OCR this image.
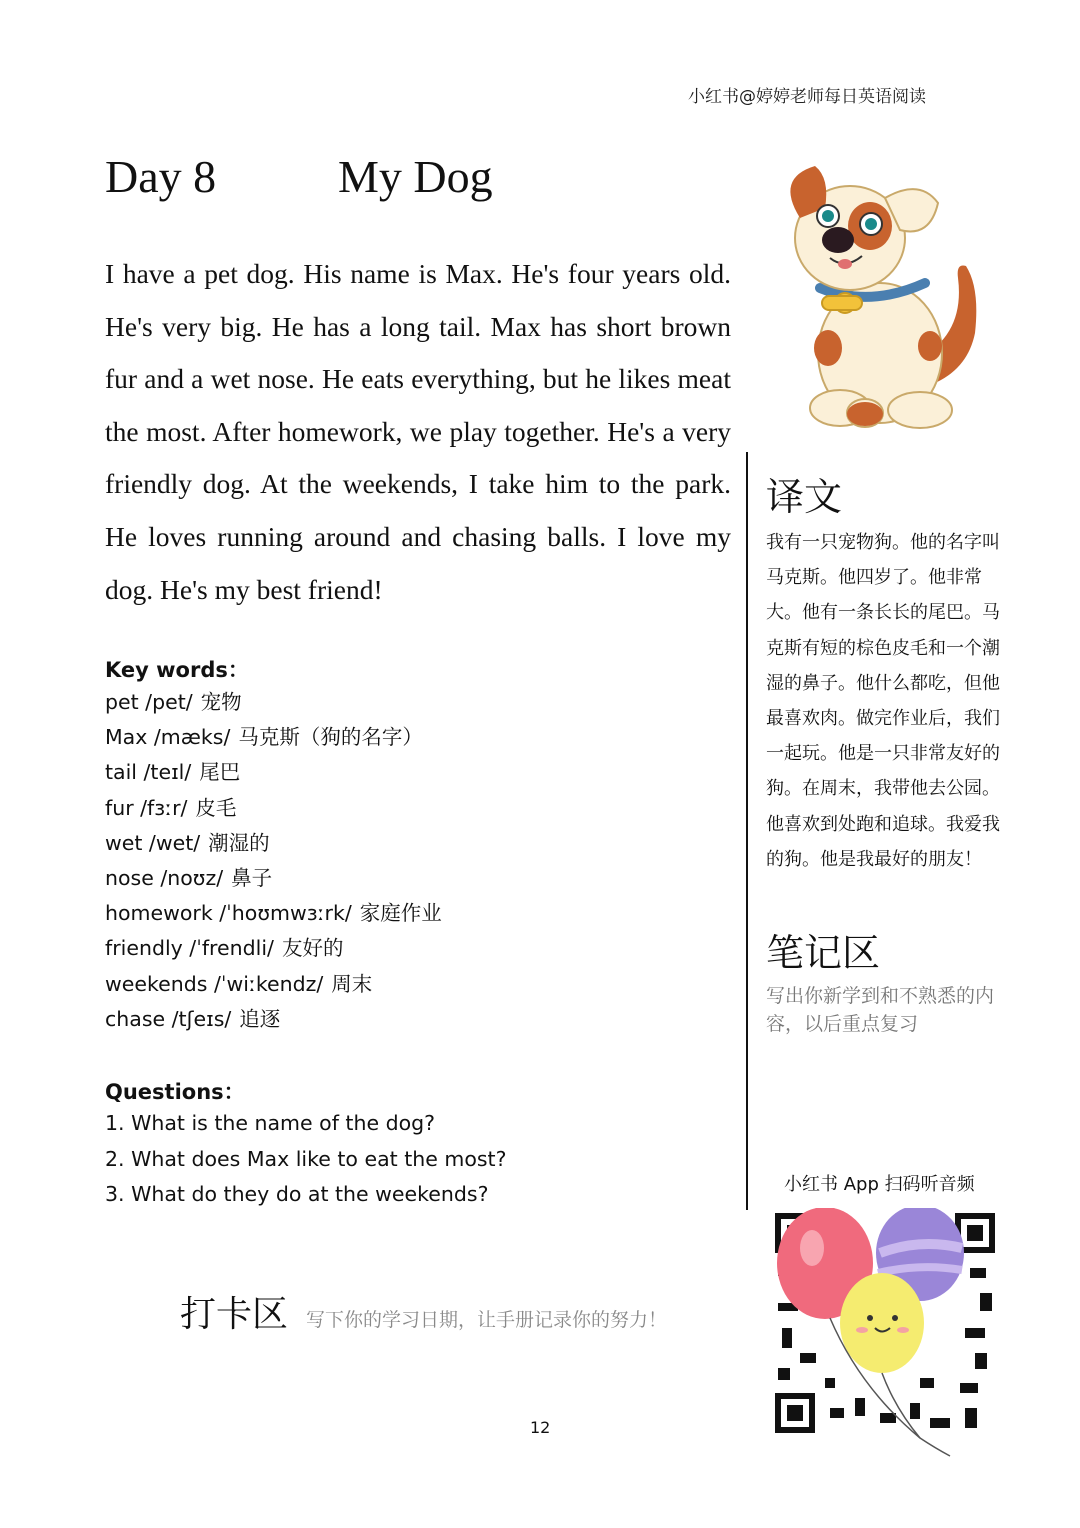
小红书@婷婷老师每日英语阅读
Day 8	My Dog
I have a pet dog. His name is Max. He's four years old. He's very big. He has a long tail. Max has short brown fur and a wet nose. He eats everything, but he likes meat the most. After homework, we play together. He's a very friendly dog. At the weekends, I take him to the park. He loves running around and chasing balls. I love my dog. He's my best friend!
Key words：
pet /pet/ 宠物
Max /mæks/ 马克斯（狗的名字）
tail /teɪl/ 尾巴
fur /fɜːr/ 皮毛
wet /wet/ 潮湿的
nose /noʊz/ 鼻子
homework /ˈhoʊmwɜːrk/ 家庭作业
friendly /ˈfrendli/ 友好的
weekends /ˈwiːkendz/ 周末
chase /tʃeɪs/ 追逐
Questions：
1. What is the name of the dog?
2. What does Max like to eat the most?
3. What do they do at the weekends?
打卡区 写下你的学习日期，让手册记录你的努力！
12
译文
我有一只宠物狗。他的名字叫马克斯。他四岁了。他非常大。他有一条长长的尾巴。马克斯有短的棕色皮毛和一个潮湿的鼻子。他什么都吃，但他最喜欢肉。做完作业后，我们一起玩。他是一只非常友好的狗。在周末，我带他去公园。他喜欢到处跑和追球。我爱我的狗。他是我最好的朋友！
笔记区
写出你新学到和不熟悉的内容，以后重点复习
小红书 App 扫码听音频
